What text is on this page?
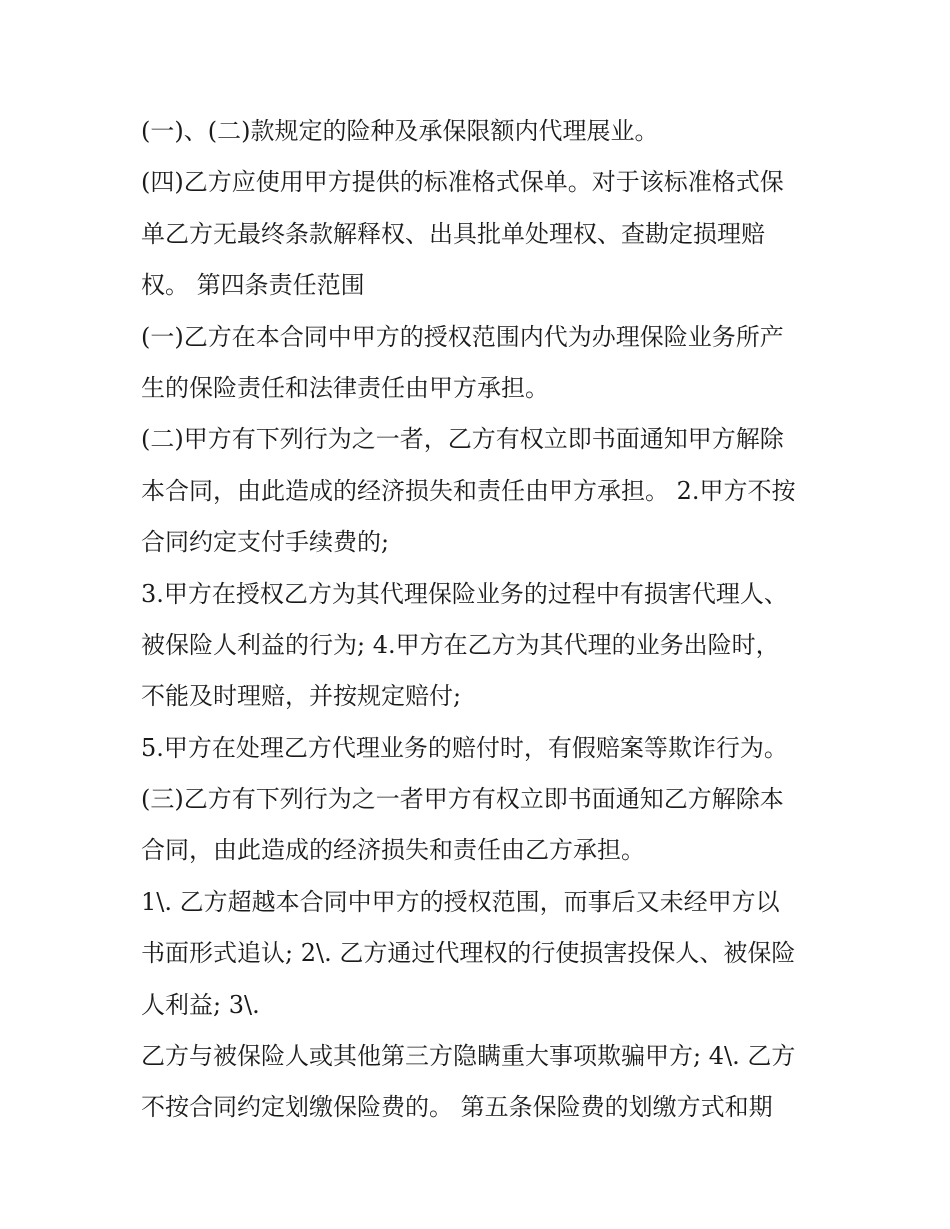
(一)、(二)款规定的险种及承保限额内代理展业。

(四)乙方应使用甲方提供的标准格式保单。对于该标准格式保

单乙方无最终条款解释权、出具批单处理权、查勘定损理赔

权。 第四条责任范围

(一)乙方在本合同中甲方的授权范围内代为办理保险业务所产

生的保险责任和法律责任由甲方承担。

(二)甲方有下列行为之一者，乙方有权立即书面通知甲方解除

本合同，由此造成的经济损失和责任由甲方承担。 2.甲方不按

合同约定支付手续费的;

3.甲方在授权乙方为其代理保险业务的过程中有损害代理人、

被保险人利益的行为; 4.甲方在乙方为其代理的业务出险时，

不能及时理赔，并按规定赔付;

5.甲方在处理乙方代理业务的赔付时，有假赔案等欺诈行为。

(三)乙方有下列行为之一者甲方有权立即书面通知乙方解除本

合同，由此造成的经济损失和责任由乙方承担。

1\. 乙方超越本合同中甲方的授权范围，而事后又未经甲方以

书面形式追认; 2\. 乙方通过代理权的行使损害投保人、被保险

人利益; 3\.

乙方与被保险人或其他第三方隐瞒重大事项欺骗甲方; 4\. 乙方

不按合同约定划缴保险费的。 第五条保险费的划缴方式和期
